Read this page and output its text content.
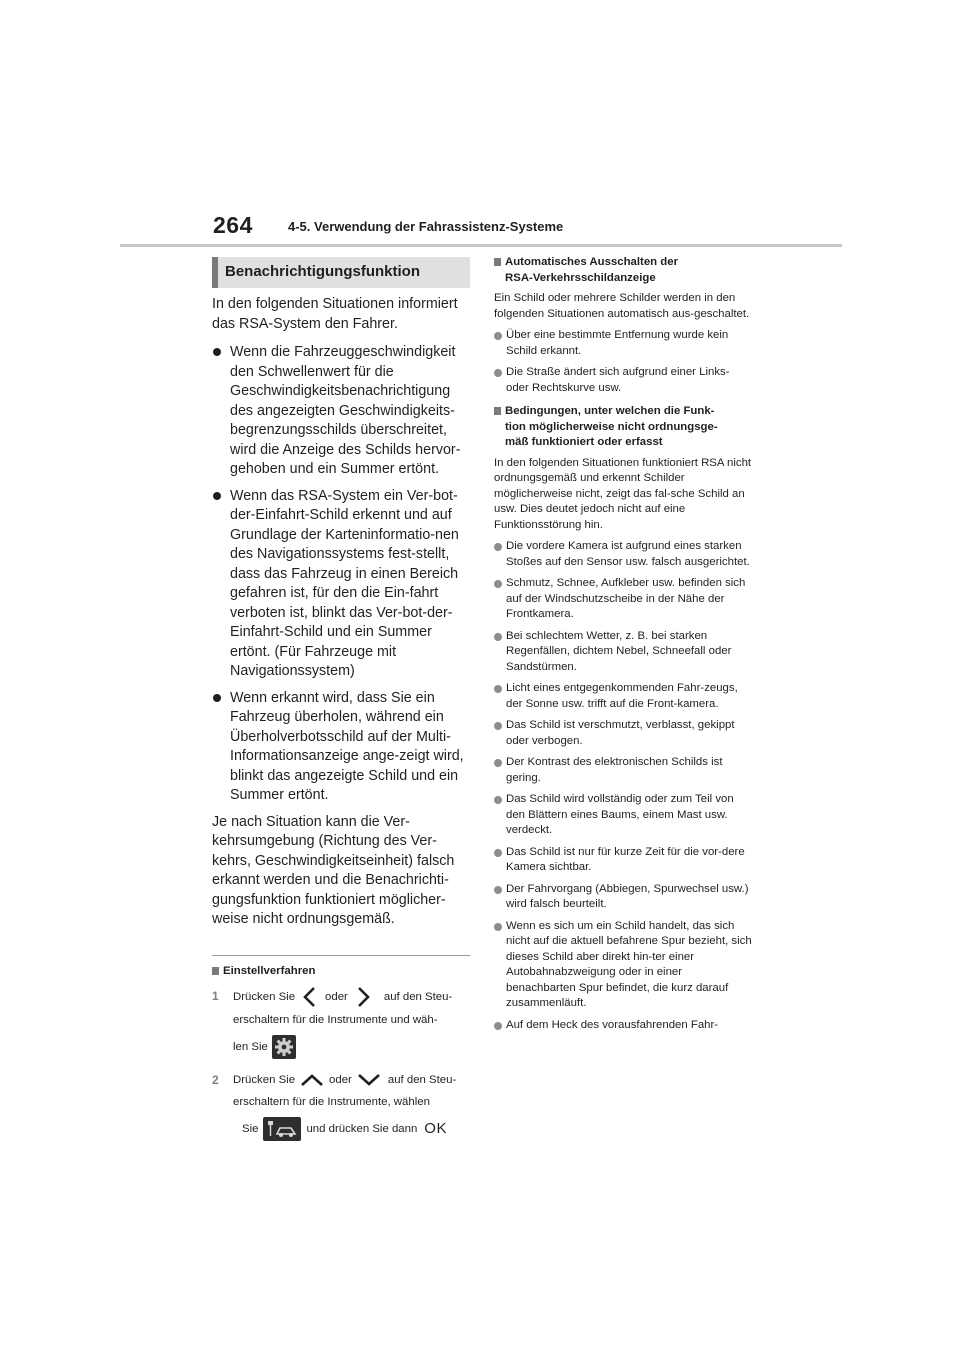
264	4-5. Verwendung der Fahrassistenz-Systeme
Benachrichtigungsfunktion

In den folgenden Situationen informiert das RSA-System den Fahrer.

Wenn die Fahrzeuggeschwindigkeit den Schwellenwert für die Geschwindigkeitsbenachrichtigung des angezeigten Geschwindigkeits-begrenzungsschilds überschreitet, wird die Anzeige des Schilds hervor-gehoben und ein Summer ertönt.
Wenn das RSA-System ein Ver-bot-der-Einfahrt-Schild erkennt und auf Grundlage der Karteninformatio-nen des Navigationssystems fest-stellt, dass das Fahrzeug in einen Bereich gefahren ist, für den die Ein-fahrt verboten ist, blinkt das Ver-bot-der-Einfahrt-Schild und ein Summer ertönt. (Für Fahrzeuge mit Navigationssystem)
Wenn erkannt wird, dass Sie ein Fahrzeug überholen, während ein Überholverbotsschild auf der Multi-Informationsanzeige ange-zeigt wird, blinkt das angezeigte Schild und ein Summer ertönt.

Je nach Situation kann die Ver-kehrsumgebung (Richtung des Ver-kehrs, Geschwindigkeitseinheit) falsch erkannt werden und die Benachrichti-gungsfunktion funktioniert möglicher-weise nicht ordnungsgemäß.

Einstellverfahren
1 Drücken Sie	oder	auf den Steu-
erschaltern für die Instrumente und wäh-
len Sie
2 Drücken Sie	oder	auf den Steu-
erschaltern für die Instrumente, wählen
Sie	und drücken Sie dann OK
Automatisches Ausschalten der
RSA-Verkehrsschildanzeige

Ein Schild oder mehrere Schilder werden in den folgenden Situationen automatisch aus-geschaltet.

Über eine bestimmte Entfernung wurde kein Schild erkannt.
Die Straße ändert sich aufgrund einer Links- oder Rechtskurve usw.
Bedingungen, unter welchen die Funk-
tion möglicherweise nicht ordnungsge-
mäß funktioniert oder erfasst

In den folgenden Situationen funktioniert RSA nicht ordnungsgemäß und erkennt Schilder möglicherweise nicht, zeigt das fal-sche Schild an usw. Dies deutet jedoch nicht auf eine Funktionsstörung hin.

Die vordere Kamera ist aufgrund eines starken Stoßes auf den Sensor usw. falsch ausgerichtet.
Schmutz, Schnee, Aufkleber usw. befinden sich auf der Windschutzscheibe in der Nähe der Frontkamera.
Bei schlechtem Wetter, z. B. bei starken Regenfällen, dichtem Nebel, Schneefall oder Sandstürmen.
Licht eines entgegenkommenden Fahr-zeugs, der Sonne usw. trifft auf die Front-kamera.
Das Schild ist verschmutzt, verblasst, gekippt oder verbogen.
Der Kontrast des elektronischen Schilds ist gering.
Das Schild wird vollständig oder zum Teil von den Blättern eines Baums, einem Mast usw. verdeckt.
Das Schild ist nur für kurze Zeit für die vor-dere Kamera sichtbar.
Der Fahrvorgang (Abbiegen, Spurwechsel usw.) wird falsch beurteilt.
Wenn es sich um ein Schild handelt, das sich nicht auf die aktuell befahrene Spur bezieht, sich dieses Schild aber direkt hin-ter einer Autobahnabzweigung oder in einer benachbarten Spur befindet, die kurz darauf zusammenläuft.
Auf dem Heck des vorausfahrenden Fahr-
